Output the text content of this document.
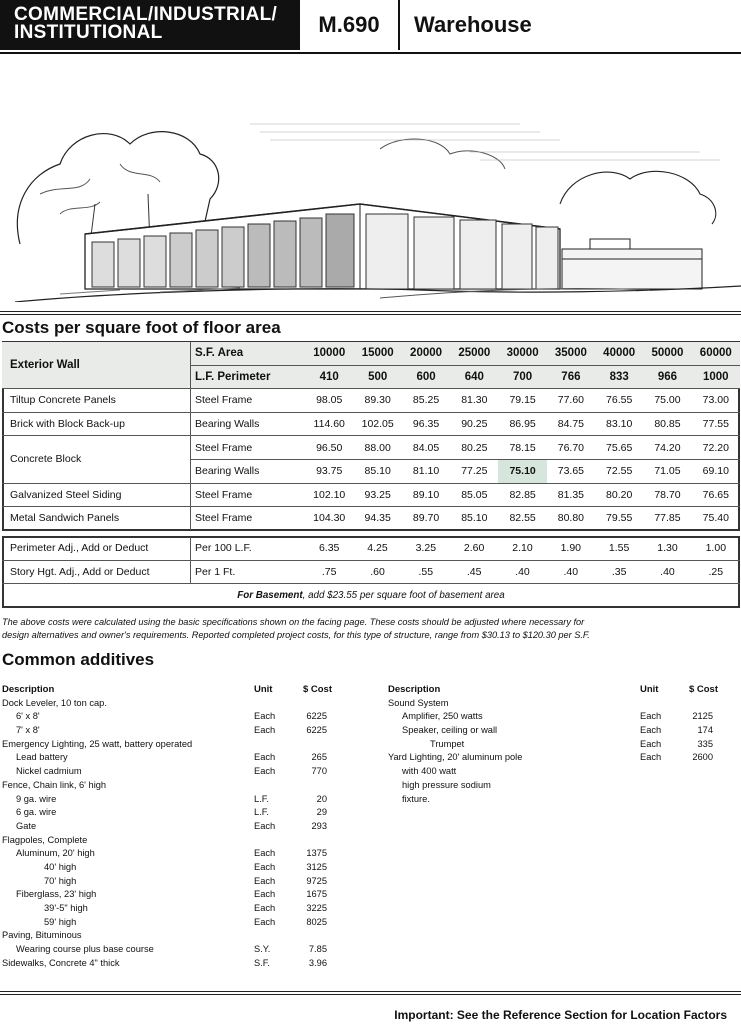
COMMERCIAL/INDUSTRIAL/
INSTITUTIONAL	M.690	Warehouse
Costs per square foot of floor area
Exterior Wall	S.F. Area	10000	15000	20000	25000	30000	35000	40000	50000	60000
	L.F. Perimeter	410	500	600	640	700	766	833	966	1000
Tiltup Concrete Panels	Steel Frame	98.05	89.30	85.25	81.30	79.15	77.60	76.55	75.00	73.00
Brick with Block Back-up	Bearing Walls	114.60	102.05	96.35	90.25	86.95	84.75	83.10	80.85	77.55
Concrete Block	Steel Frame	96.50	88.00	84.05	80.25	78.15	76.70	75.65	74.20	72.20
	Bearing Walls	93.75	85.10	81.10	77.25	75.10	73.65	72.55	71.05	69.10
Galvanized Steel Siding	Steel Frame	102.10	93.25	89.10	85.05	82.85	81.35	80.20	78.70	76.65
Metal Sandwich Panels	Steel Frame	104.30	94.35	89.70	85.10	82.55	80.80	79.55	77.85	75.40
Perimeter Adj., Add or Deduct	Per 100 L.F.	6.35	4.25	3.25	2.60	2.10	1.90	1.55	1.30	1.00
Story Hgt. Adj., Add or Deduct	Per 1 Ft.	.75	.60	.55	.45	.40	.40	.35	.40	.25
For Basement, add $23.55 per square foot of basement area										
The above costs were calculated using the basic specifications shown on the facing page. These costs should be adjusted where necessary for
design alternatives and owner's requirements. Reported completed project costs, for this type of structure, range from $30.13 to $120.30 per S.F.
Common additives
Description	Unit	$ Cost
Dock Leveler, 10 ton cap.
6' x 8'	Each	6225
7' x 8'	Each	6225
Emergency Lighting, 25 watt, battery operated
Lead battery	Each	265
Nickel cadmium	Each	770
Fence, Chain link, 6' high
9 ga. wire	L.F.	20
6 ga. wire	L.F.	29
Gate	Each	293
Flagpoles, Complete
Aluminum, 20' high	Each	1375
40' high	Each	3125
70' high	Each	9725
Fiberglass, 23' high	Each	1675
39'-5" high	Each	3225
59' high	Each	8025
Paving, Bituminous
Wearing course plus base course	S.Y.	7.85
Sidewalks, Concrete 4" thick	S.F.	3.96
Description	Unit	$ Cost
Sound System
Amplifier, 250 watts	Each	2125
Speaker, ceiling or wall	Each	174
Trumpet	Each	335
Yard Lighting, 20' aluminum pole	Each	2600
with 400 watt
high pressure sodium
fixture.
Important: See the Reference Section for Location Factors
